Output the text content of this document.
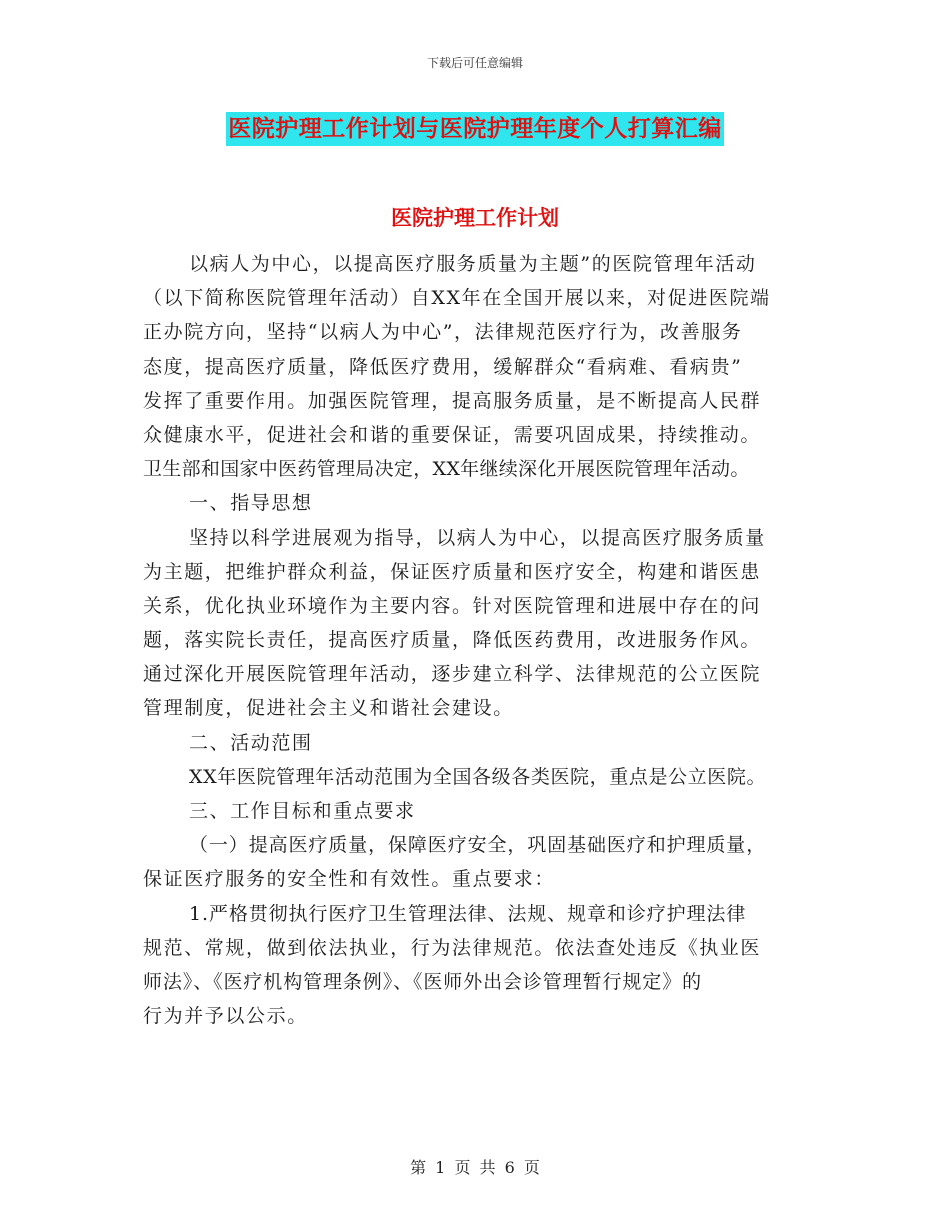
下载后可任意编辑
医院护理工作计划与医院护理年度个人打算汇编
医院护理工作计划
以病人为中心，以提高医疗服务质量为主题”的医院管理年活动
（以下简称医院管理年活动）自XX年在全国开展以来，对促进医院端
正办院方向，坚持“以病人为中心”，法律规范医疗行为，改善服务
态度，提高医疗质量，降低医疗费用，缓解群众“看病难、看病贵”
发挥了重要作用。加强医院管理，提高服务质量，是不断提高人民群
众健康水平，促进社会和谐的重要保证，需要巩固成果，持续推动。
卫生部和国家中医药管理局决定，XX年继续深化开展医院管理年活动。
一、指导思想
坚持以科学进展观为指导，以病人为中心，以提高医疗服务质量
为主题，把维护群众利益，保证医疗质量和医疗安全，构建和谐医患
关系，优化执业环境作为主要内容。针对医院管理和进展中存在的问
题，落实院长责任，提高医疗质量，降低医药费用，改进服务作风。
通过深化开展医院管理年活动，逐步建立科学、法律规范的公立医院
管理制度，促进社会主义和谐社会建设。
二、活动范围
XX年医院管理年活动范围为全国各级各类医院，重点是公立医院。
三、工作目标和重点要求
（一）提高医疗质量，保障医疗安全，巩固基础医疗和护理质量，
保证医疗服务的安全性和有效性。重点要求：
1.严格贯彻执行医疗卫生管理法律、法规、规章和诊疗护理法律
规范、常规，做到依法执业，行为法律规范。依法查处违反《执业医
师法》、《医疗机构管理条例》、《医师外出会诊管理暂行规定》的
行为并予以公示。
第 1 页 共 6 页
